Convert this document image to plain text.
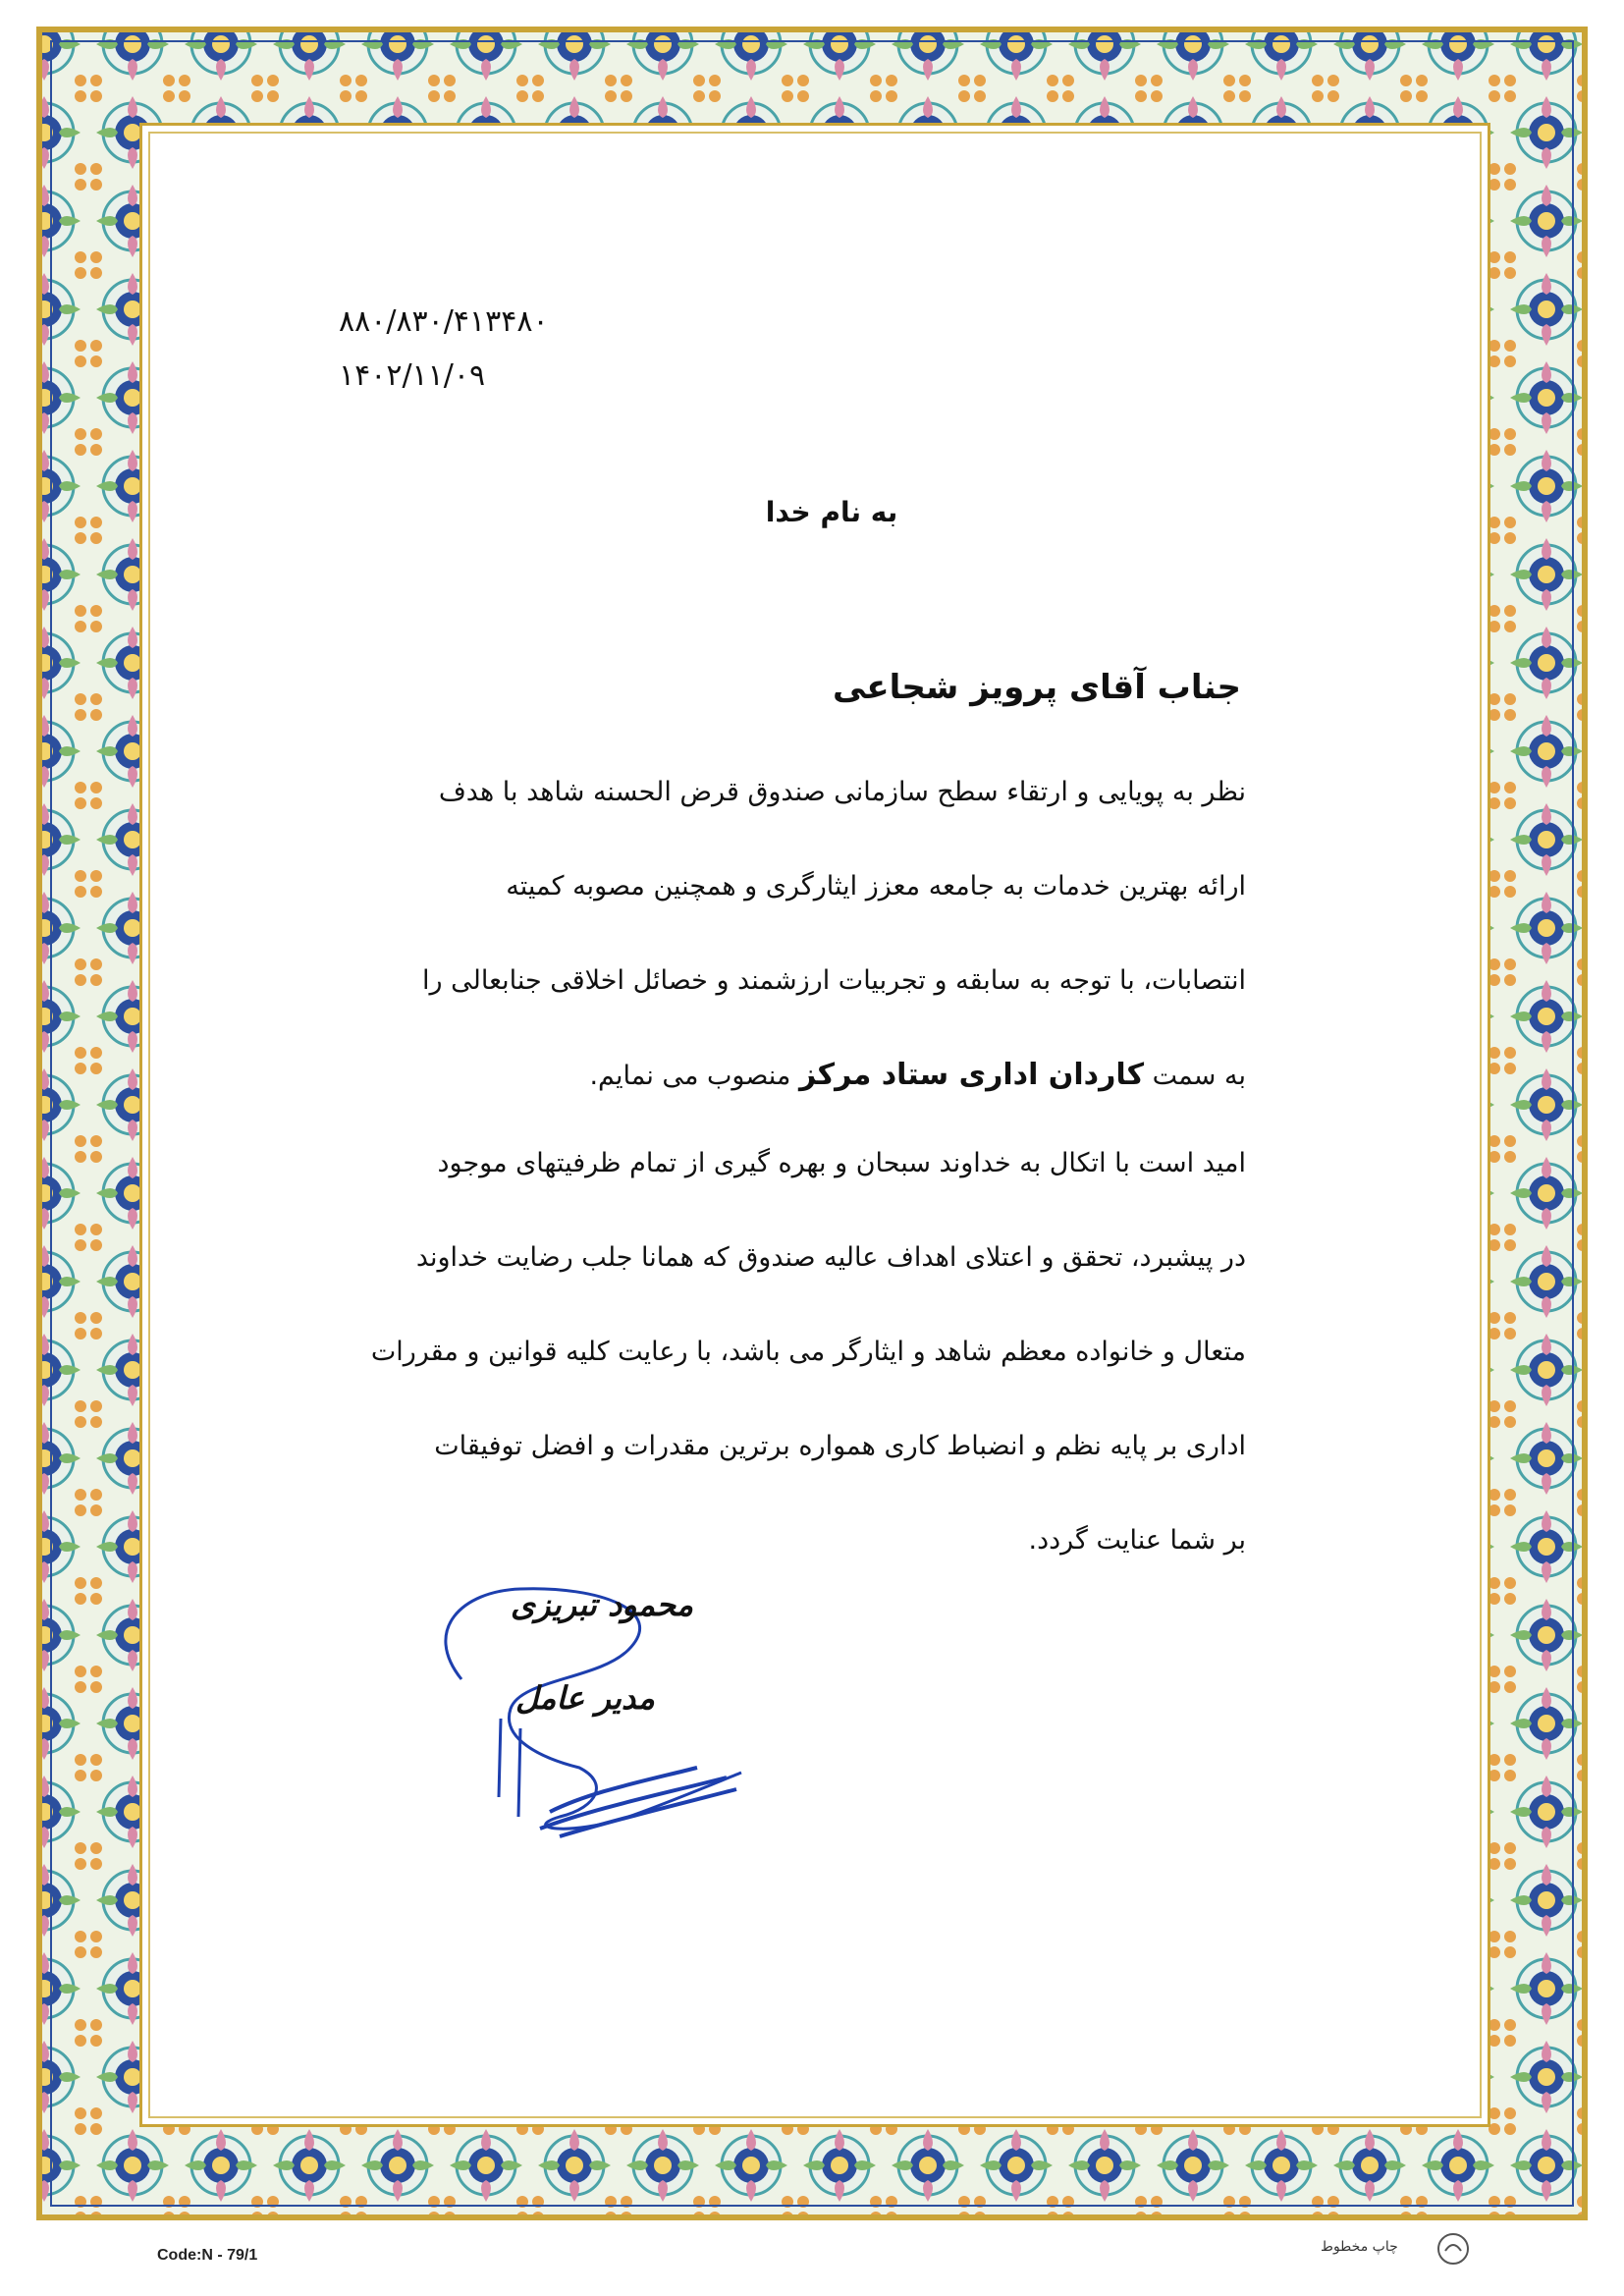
۸۸۰/۸۳۰/۴۱۳۴۸۰
۱۴۰۲/۱۱/۰۹
به نام خدا
جناب آقای پرویز شجاعی
نظر به پویایی و ارتقاء سطح سازمانی صندوق قرض الحسنه شاهد با هدف
ارائه بهترین خدمات به جامعه معزز ایثارگری و همچنین مصوبه کمیته
انتصابات، با توجه به سابقه و تجربیات ارزشمند و خصائل اخلاقی جنابعالی را
به سمت کاردان اداری ستاد مرکز منصوب می نمایم.
امید است با اتکال به خداوند سبحان و بهره گیری از تمام ظرفیتهای موجود
در پیشبرد، تحقق و اعتلای اهداف عالیه صندوق که همانا جلب رضایت خداوند
متعال و خانواده معظم شاهد و ایثارگر می باشد، با رعایت کلیه قوانین و مقررات
اداری بر پایه نظم و انضباط کاری همواره برترین مقدرات و افضل توفیقات
بر شما عنایت گردد.
محمود تبریزی
مدیر عامل
Code:N - 79/1	چاپ مخطوط
